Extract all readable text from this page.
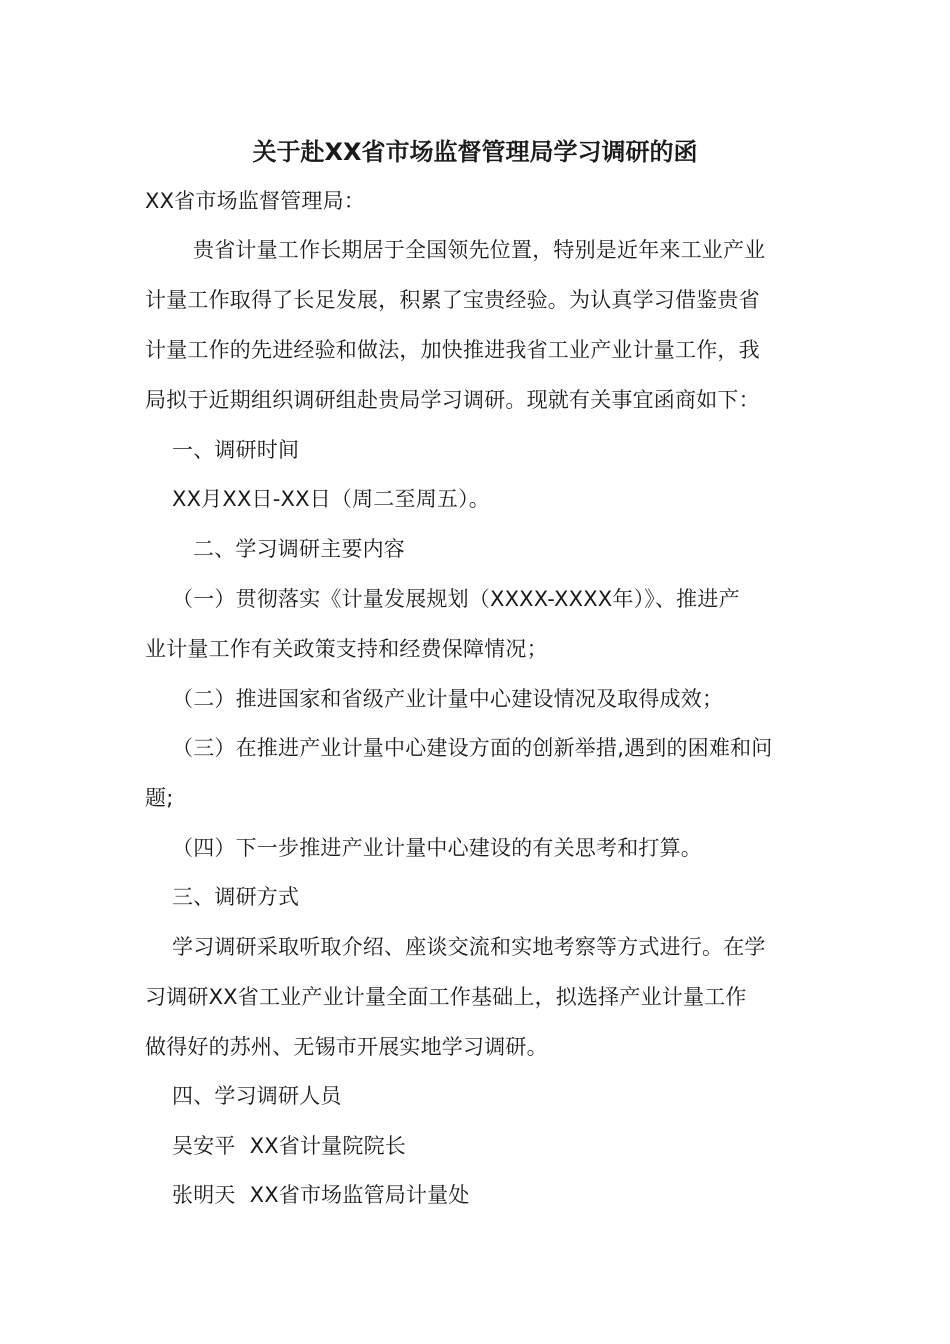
关于赴XX省市场监督管理局学习调研的函
XX省市场监督管理局：
贵省计量工作长期居于全国领先位置，特别是近年来工业产业
计量工作取得了长足发展，积累了宝贵经验。为认真学习借鉴贵省
计量工作的先进经验和做法，加快推进我省工业产业计量工作，我
局拟于近期组织调研组赴贵局学习调研。现就有关事宜函商如下：
一、调研时间
XX月XX日-XX日（周二至周五）。
二、学习调研主要内容
（一）贯彻落实《计量发展规划（XXXX-XXXX年）》、推进产
业计量工作有关政策支持和经费保障情况；
（二）推进国家和省级产业计量中心建设情况及取得成效；
（三）在推进产业计量中心建设方面的创新举措,遇到的困难和问
题;
（四）下一步推进产业计量中心建设的有关思考和打算。
三、调研方式
学习调研采取听取介绍、座谈交流和实地考察等方式进行。在学
习调研XX省工业产业计量全面工作基础上，拟选择产业计量工作
做得好的苏州、无锡市开展实地学习调研。
四、学习调研人员
吴安平 XX省计量院院长
张明天 XX省市场监管局计量处
